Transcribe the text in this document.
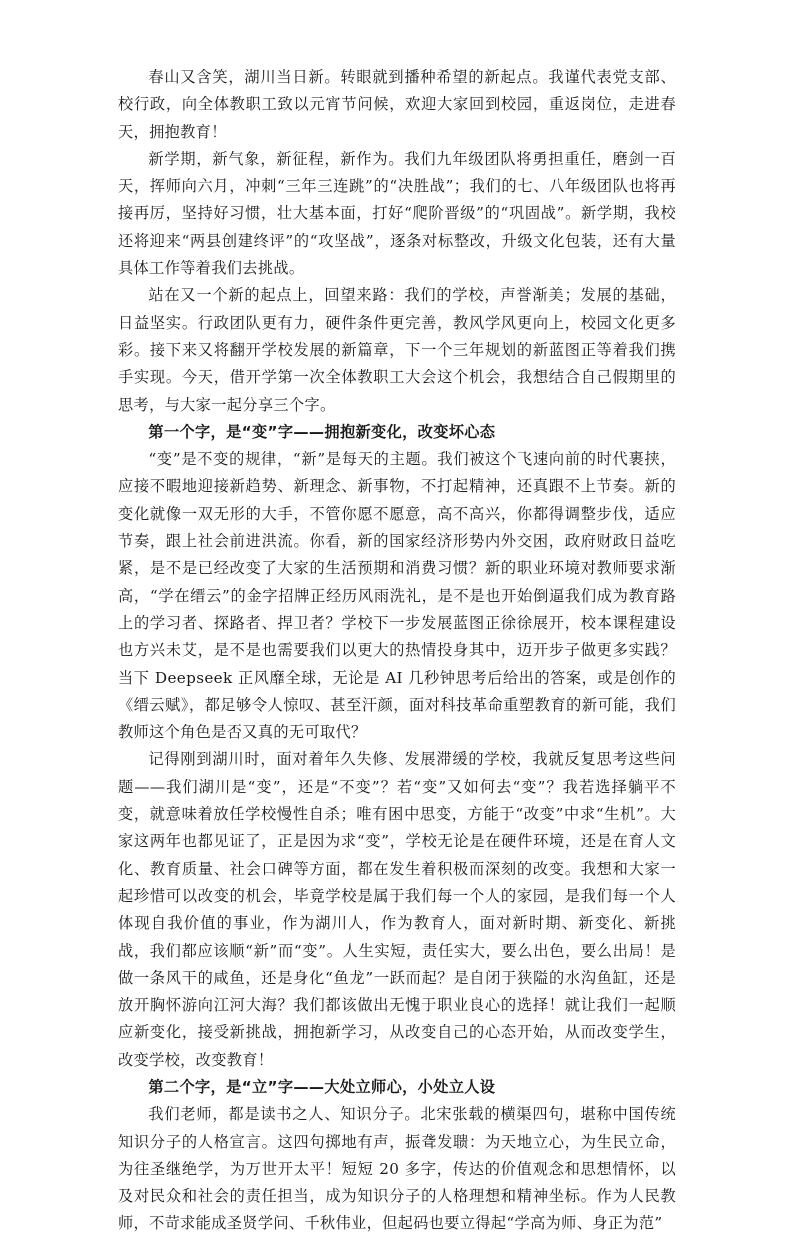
春山又含笑，湖川当日新。转眼就到播种希望的新起点。我谨代表党支部、校行政，向全体教职工致以元宵节问候，欢迎大家回到校园，重返岗位，走进春天，拥抱教育！

新学期，新气象，新征程，新作为。我们九年级团队将勇担重任，磨剑一百天，挥师向六月，冲刺“三年三连跳”的“决胜战”；我们的七、八年级团队也将再接再厉，坚持好习惯，壮大基本面，打好“爬阶晋级”的“巩固战”。新学期，我校还将迎来“两县创建终评”的“攻坚战”，逐条对标整改，升级文化包装，还有大量具体工作等着我们去挑战。

站在又一个新的起点上，回望来路：我们的学校，声誉渐美；发展的基础，日益坚实。行政团队更有力，硬件条件更完善，教风学风更向上，校园文化更多彩。接下来又将翻开学校发展的新篇章，下一个三年规划的新蓝图正等着我们携手实现。今天，借开学第一次全体教职工大会这个机会，我想结合自己假期里的思考，与大家一起分享三个字。

第一个字，是“变”字——拥抱新变化，改变坏心态

“变”是不变的规律，“新”是每天的主题。我们被这个飞速向前的时代裹挟，应接不暇地迎接新趋势、新理念、新事物，不打起精神，还真跟不上节奏。新的变化就像一双无形的大手，不管你愿不愿意，高不高兴，你都得调整步伐，适应节奏，跟上社会前进洪流。你看，新的国家经济形势内外交困，政府财政日益吃紧，是不是已经改变了大家的生活预期和消费习惯？新的职业环境对教师要求渐高，“学在缙云”的金字招牌正经历风雨洗礼，是不是也开始倒逼我们成为教育路上的学习者、探路者、捍卫者？学校下一步发展蓝图正徐徐展开，校本课程建设也方兴未艾，是不是也需要我们以更大的热情投身其中，迈开步子做更多实践？当下 Deepseek 正风靡全球，无论是 AI 几秒钟思考后给出的答案，或是创作的《缙云赋》，都足够令人惊叹、甚至汗颜，面对科技革命重塑教育的新可能，我们教师这个角色是否又真的无可取代？

记得刚到湖川时，面对着年久失修、发展滞缓的学校，我就反复思考这些问题——我们湖川是“变”，还是“不变”？若“变”又如何去“变”？我若选择躺平不变，就意味着放任学校慢性自杀；唯有困中思变，方能于“改变”中求“生机”。大家这两年也都见证了，正是因为求“变”，学校无论是在硬件环境，还是在育人文化、教育质量、社会口碑等方面，都在发生着积极而深刻的改变。我想和大家一起珍惜可以改变的机会，毕竟学校是属于我们每一个人的家园，是我们每一个人体现自我价值的事业，作为湖川人，作为教育人，面对新时期、新变化、新挑战，我们都应该顺“新”而“变”。人生实短，责任实大，要么出色，要么出局！是做一条风干的咸鱼，还是身化“鱼龙”一跃而起？是自闭于狭隘的水沟鱼缸，还是放开胸怀游向江河大海？我们都该做出无愧于职业良心的选择！就让我们一起顺应新变化，接受新挑战，拥抱新学习，从改变自己的心态开始，从而改变学生，改变学校，改变教育！

第二个字，是“立”字——大处立师心，小处立人设

我们老师，都是读书之人、知识分子。北宋张载的横渠四句，堪称中国传统知识分子的人格宣言。这四句掷地有声，振聋发聩：为天地立心，为生民立命，为往圣继绝学，为万世开太平！短短 20 多字，传达的价值观念和思想情怀，以及对民众和社会的责任担当，成为知识分子的人格理想和精神坐标。作为人民教师，不苛求能成圣贤学问、千秋伟业，但起码也要立得起“学高为师、身正为范”
